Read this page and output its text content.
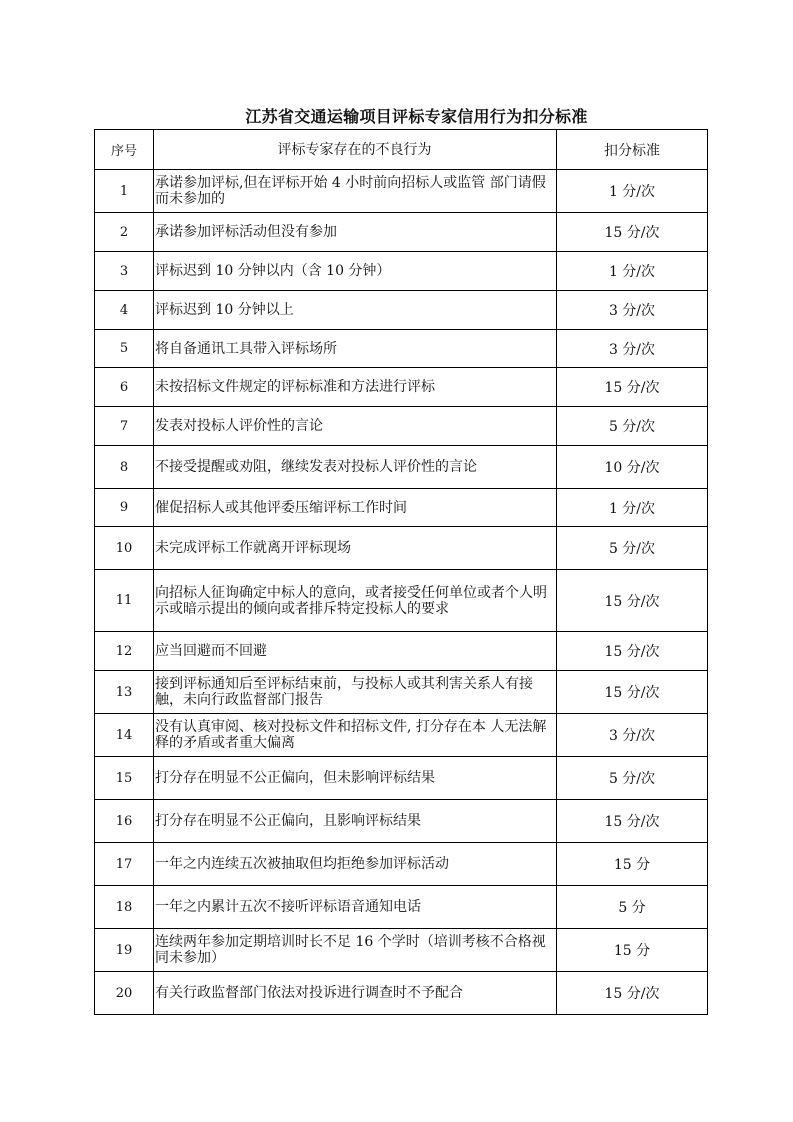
江苏省交通运输项目评标专家信用行为扣分标准
序号	评标专家存在的不良行为	扣分标准
1	承诺参加评标,但在评标开始 4 小时前向招标人或监管 部门请假而未参加的	1 分/次
2	承诺参加评标活动但没有参加	15 分/次
3	评标迟到 10 分钟以内（含 10 分钟）	1 分/次
4	评标迟到 10 分钟以上	3 分/次
5	将自备通讯工具带入评标场所	3 分/次
6	未按招标文件规定的评标标准和方法进行评标	15 分/次
7	发表对投标人评价性的言论	5 分/次
8	不接受提醒或劝阻，继续发表对投标人评价性的言论	10 分/次
9	催促招标人或其他评委压缩评标工作时间	1 分/次
10	未完成评标工作就离开评标现场	5 分/次
11	向招标人征询确定中标人的意向，或者接受任何单位或者个人明示或暗示提出的倾向或者排斥特定投标人的要求	15 分/次
12	应当回避而不回避	15 分/次
13	接到评标通知后至评标结束前，与投标人或其利害关系人有接触，未向行政监督部门报告	15 分/次
14	没有认真审阅、核对投标文件和招标文件, 打分存在本 人无法解释的矛盾或者重大偏离	3 分/次
15	打分存在明显不公正偏向，但未影响评标结果	5 分/次
16	打分存在明显不公正偏向，且影响评标结果	15 分/次
17	一年之内连续五次被抽取但均拒绝参加评标活动	15 分
18	一年之内累计五次不接听评标语音通知电话	5 分
19	连续两年参加定期培训时长不足 16 个学时（培训考核不合格视同未参加）	15 分
20	有关行政监督部门依法对投诉进行调查时不予配合	15 分/次
